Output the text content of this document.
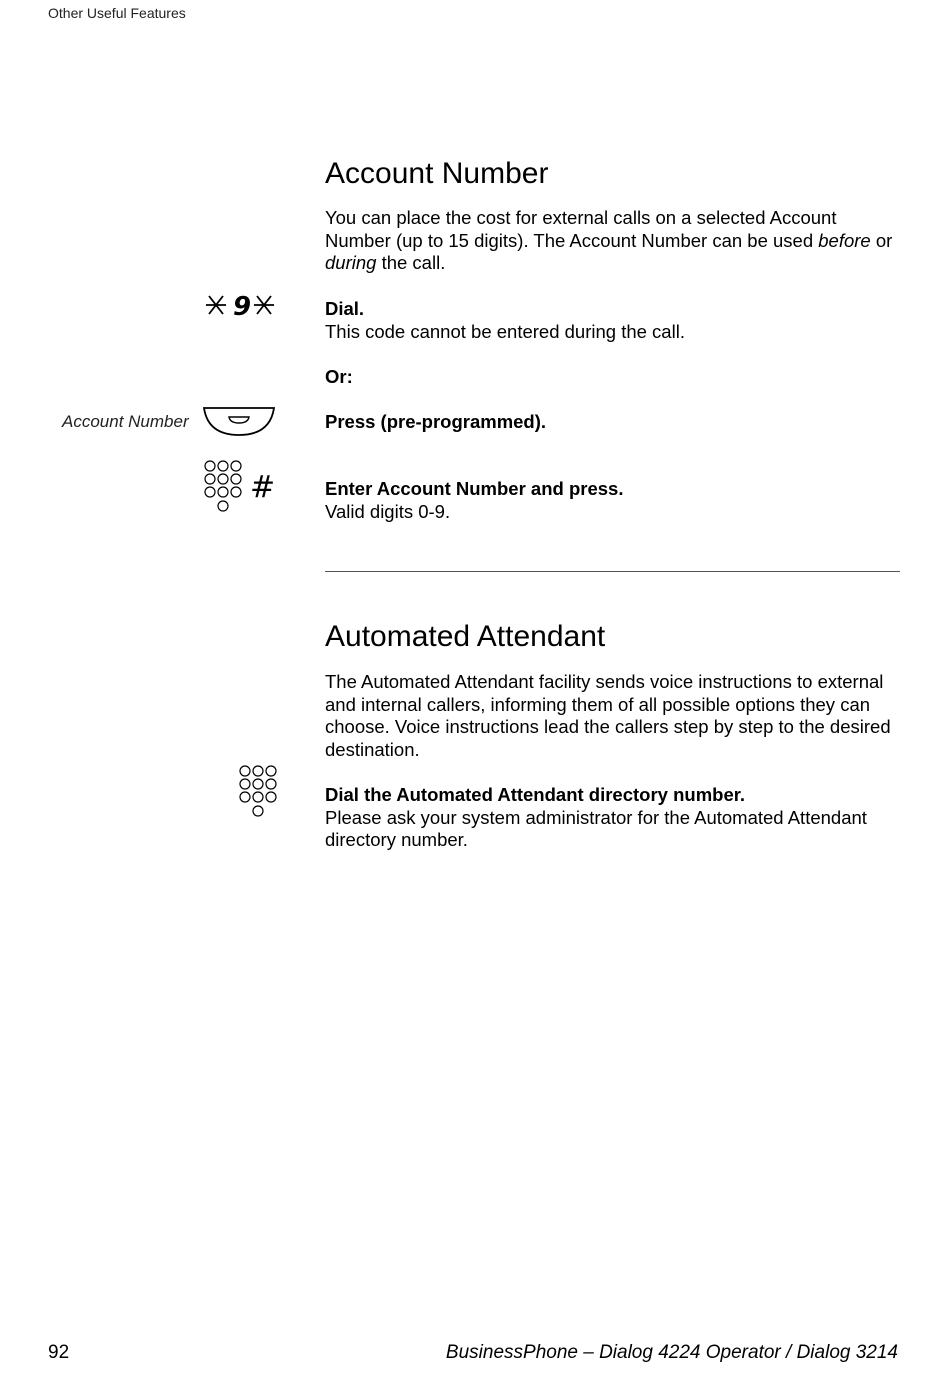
Other Useful Features
Account Number

You can place the cost for external calls on a selected Account Number (up to 15 digits). The Account Number can be used before or during the call.

9	Dial.

This code cannot be entered during the call.

Or:

Account Number	Press (pre-programmed).

#	Enter Account Number and press.

Valid digits 0-9.

Automated Attendant

The Automated Attendant facility sends voice instructions to external and internal callers, informing them of all possible options they can choose. Voice instructions lead the callers step by step to the desired destination.

Dial the Automated Attendant directory number.

Please ask your system administrator for the Automated Attendant directory number.

92	BusinessPhone – Dialog 4224 Operator / Dialog 3214
